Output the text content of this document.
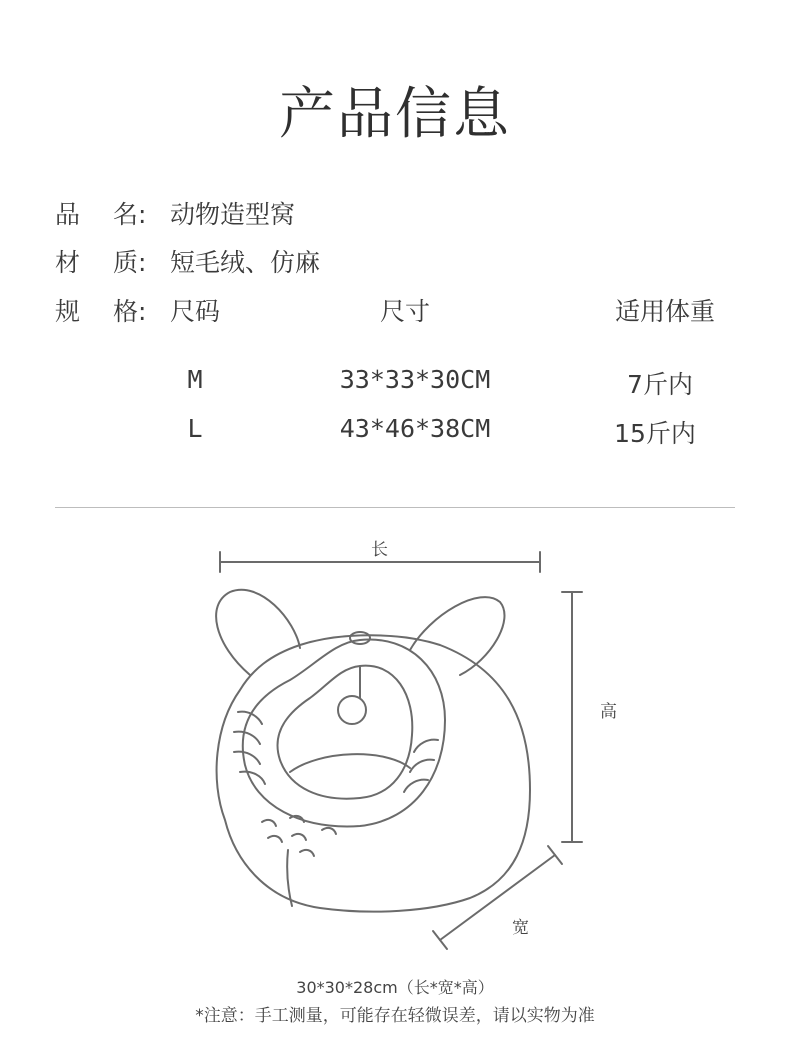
产品信息
品 名: 动物造型窝
材 质: 短毛绒、仿麻
规 格: 尺码	尺寸	适用体重
M	33*33*30CM	7斤内
L	43*46*38CM	15斤内
长
高
宽
30*30*28cm（长*宽*高）
*注意：手工测量，可能存在轻微误差，请以实物为准
